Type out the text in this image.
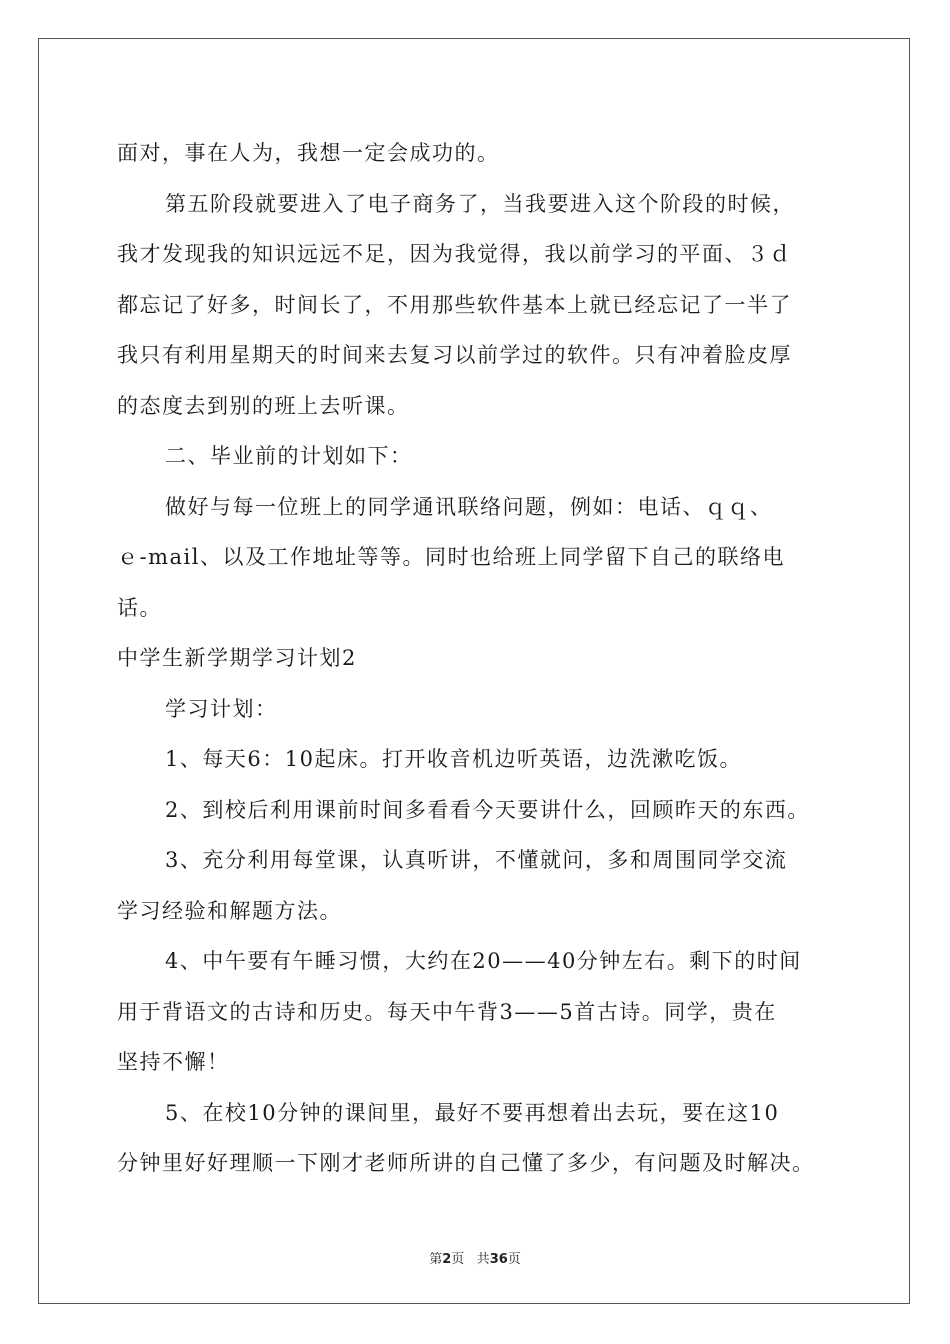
面对，事在人为，我想一定会成功的。
第五阶段就要进入了电子商务了，当我要进入这个阶段的时候，
我才发现我的知识远远不足，因为我觉得，我以前学习的平面、３ｄ
都忘记了好多，时间长了，不用那些软件基本上就已经忘记了一半了
我只有利用星期天的时间来去复习以前学过的软件。只有冲着脸皮厚
的态度去到别的班上去听课。
二、毕业前的计划如下：
做好与每一位班上的同学通讯联络问题，例如：电话、ｑｑ、
ｅ-mail、以及工作地址等等。同时也给班上同学留下自己的联络电
话。
中学生新学期学习计划2
学习计划：
1、每天6：10起床。打开收音机边听英语，边洗漱吃饭。
2、到校后利用课前时间多看看今天要讲什么，回顾昨天的东西。
3、充分利用每堂课，认真听讲，不懂就问，多和周围同学交流
学习经验和解题方法。
4、中午要有午睡习惯，大约在20——40分钟左右。剩下的时间
用于背语文的古诗和历史。每天中午背3——5首古诗。同学，贵在
坚持不懈！
5、在校10分钟的课间里，最好不要再想着出去玩，要在这10
分钟里好好理顺一下刚才老师所讲的自己懂了多少，有问题及时解决。
第2页 共36页
